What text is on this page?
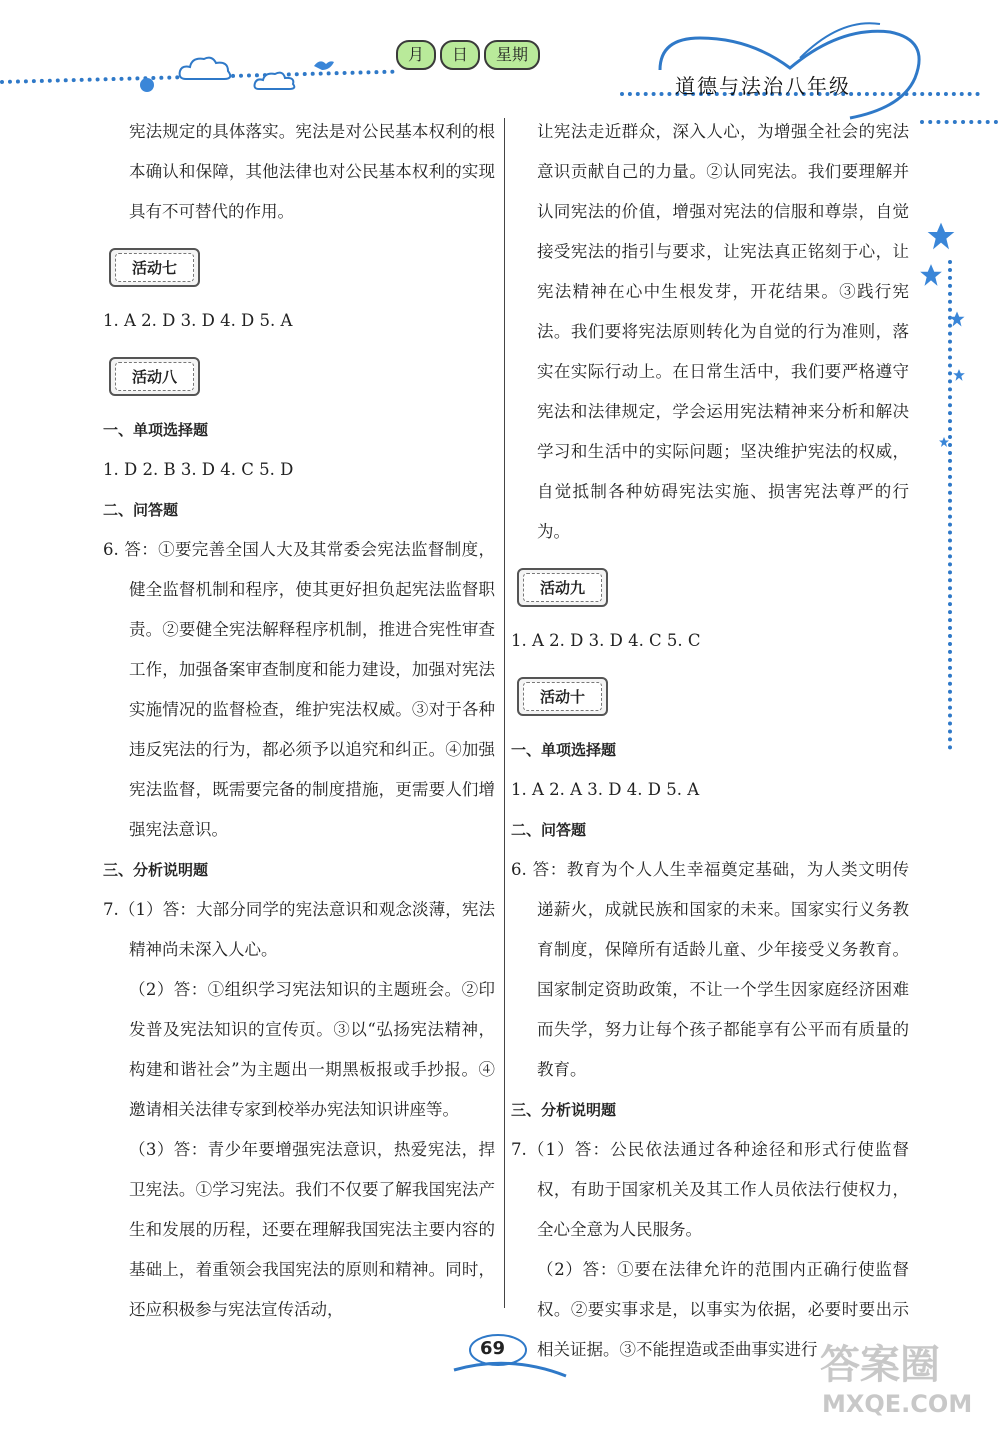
月	日	星期
道德与法治八年级

宪法规定的具体落实。宪法是对公民基本权利的根本确认和保障，其他法律也对公民基本权利的实现具有不可替代的作用。

活动七

1. A 2. D 3. D 4. D 5. A

活动八

一、单项选择题

1. D 2. B 3. D 4. C 5. D

二、问答题

6. 答：①要完善全国人大及其常委会宪法监督制度，健全监督机制和程序，使其更好担负起宪法监督职责。②要健全宪法解释程序机制，推进合宪性审查工作，加强备案审查制度和能力建设，加强对宪法实施情况的监督检查，维护宪法权威。③对于各种违反宪法的行为，都必须予以追究和纠正。④加强宪法监督，既需要完备的制度措施，更需要人们增强宪法意识。

三、分析说明题

7.（1）答：大部分同学的宪法意识和观念淡薄，宪法精神尚未深入人心。

（2）答：①组织学习宪法知识的主题班会。②印发普及宪法知识的宣传页。③以“弘扬宪法精神，构建和谐社会”为主题出一期黑板报或手抄报。④邀请相关法律专家到校举办宪法知识讲座等。

（3）答：青少年要增强宪法意识，热爱宪法，捍卫宪法。①学习宪法。我们不仅要了解我国宪法产生和发展的历程，还要在理解我国宪法主要内容的基础上，着重领会我国宪法的原则和精神。同时，还应积极参与宪法宣传活动，

让宪法走近群众，深入人心，为增强全社会的宪法意识贡献自己的力量。②认同宪法。我们要理解并认同宪法的价值，增强对宪法的信服和尊崇，自觉接受宪法的指引与要求，让宪法真正铭刻于心，让宪法精神在心中生根发芽，开花结果。③践行宪法。我们要将宪法原则转化为自觉的行为准则，落实在实际行动上。在日常生活中，我们要严格遵守宪法和法律规定，学会运用宪法精神来分析和解决学习和生活中的实际问题；坚决维护宪法的权威，自觉抵制各种妨碍宪法实施、损害宪法尊严的行为。

活动九

1. A 2. D 3. D 4. C 5. C

活动十

一、单项选择题

1. A 2. A 3. D 4. D 5. A

二、问答题

6. 答：教育为个人人生幸福奠定基础，为人类文明传递薪火，成就民族和国家的未来。国家实行义务教育制度，保障所有适龄儿童、少年接受义务教育。国家制定资助政策，不让一个学生因家庭经济困难而失学，努力让每个孩子都能享有公平而有质量的教育。

三、分析说明题

7.（1）答：公民依法通过各种途径和形式行使监督权，有助于国家机关及其工作人员依法行使权力，全心全意为人民服务。

（2）答：①要在法律允许的范围内正确行使监督权。②要实事求是，以事实为依据，必要时要出示相关证据。③不能捏造或歪曲事实进行

69	答案圈
MXQE.COM
